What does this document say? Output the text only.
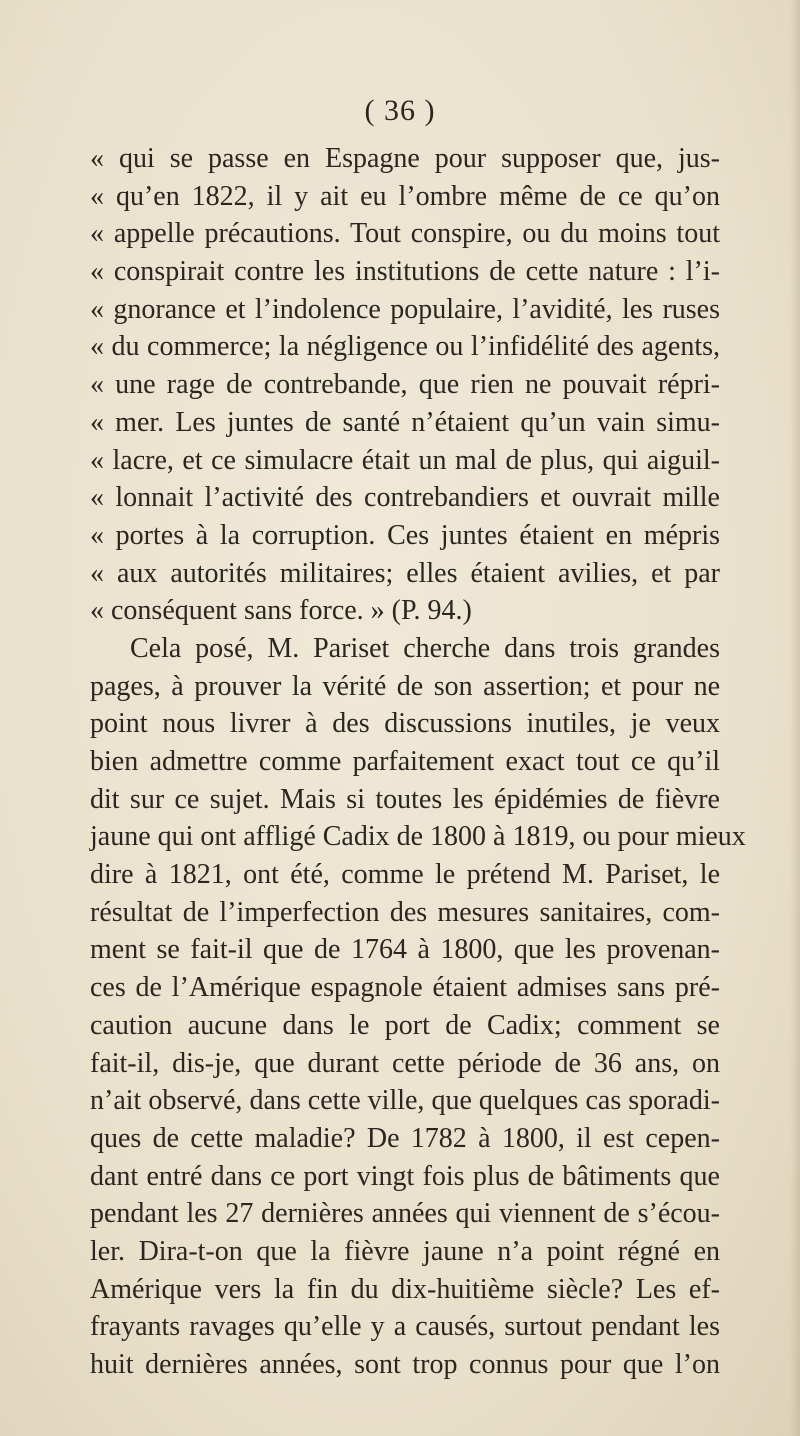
( 36 )
« qui se passe en Espagne pour supposer que, jus-
« qu’en 1822, il y ait eu l’ombre même de ce qu’on
« appelle précautions. Tout conspire, ou du moins tout
« conspirait contre les institutions de cette nature : l’i-
« gnorance et l’indolence populaire, l’avidité, les ruses
« du commerce; la négligence ou l’infidélité des agents,
« une rage de contrebande, que rien ne pouvait répri-
« mer. Les juntes de santé n’étaient qu’un vain simu-
« lacre, et ce simulacre était un mal de plus, qui aiguil-
« lonnait l’activité des contrebandiers et ouvrait mille
« portes à la corruption. Ces juntes étaient en mépris
« aux autorités militaires; elles étaient avilies, et par
« conséquent sans force. » (P. 94.)
Cela posé, M. Pariset cherche dans trois grandes
pages, à prouver la vérité de son assertion; et pour ne
point nous livrer à des discussions inutiles, je veux
bien admettre comme parfaitement exact tout ce qu’il
dit sur ce sujet. Mais si toutes les épidémies de fièvre
jaune qui ont affligé Cadix de 1800 à 1819, ou pour mieux
dire à 1821, ont été, comme le prétend M. Pariset, le
résultat de l’imperfection des mesures sanitaires, com-
ment se fait-il que de 1764 à 1800, que les provenan-
ces de l’Amérique espagnole étaient admises sans pré-
caution aucune dans le port de Cadix; comment se
fait-il, dis-je, que durant cette période de 36 ans, on
n’ait observé, dans cette ville, que quelques cas sporadi-
ques de cette maladie? De 1782 à 1800, il est cepen-
dant entré dans ce port vingt fois plus de bâtiments que
pendant les 27 dernières années qui viennent de s’écou-
ler. Dira-t-on que la fièvre jaune n’a point régné en
Amérique vers la fin du dix-huitième siècle? Les ef-
frayants ravages qu’elle y a causés, surtout pendant les
huit dernières années, sont trop connus pour que l’on
